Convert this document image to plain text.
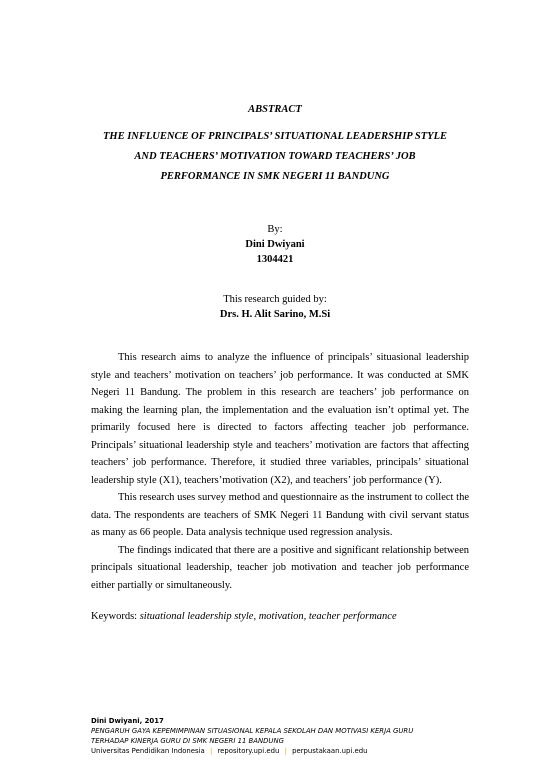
ABSTRACT
THE INFLUENCE OF PRINCIPALS’ SITUATIONAL LEADERSHIP STYLE
AND TEACHERS’ MOTIVATION TOWARD TEACHERS’ JOB
PERFORMANCE IN SMK NEGERI 11 BANDUNG
By:
Dini Dwiyani
1304421
This research guided by:
Drs. H. Alit Sarino, M.Si

This research aims to analyze the influence of principals’ situasional leadership style and teachers’ motivation on teachers’ job performance. It was conducted at SMK Negeri 11 Bandung. The problem in this research are teachers’ job performance on making the learning plan, the implementation and the evaluation isn’t optimal yet. The primarily focused here is directed to factors affecting teacher job performance. Principals’ situational leadership style and teachers’ motivation are factors that affecting teachers’ job performance. Therefore, it studied three variables, principals’ situational leadership style (X1), teachers’motivation (X2), and teachers’ job performance (Y).

This research uses survey method and questionnaire as the instrument to collect the data. The respondents are teachers of SMK Negeri 11 Bandung with civil servant status as many as 66 people. Data analysis technique used regression analysis.

The findings indicated that there are a positive and significant relationship between principals situational leadership, teacher job motivation and teacher job performance either partially or simultaneously.

Keywords: situational leadership style, motivation, teacher performance
Dini Dwiyani, 2017
PENGARUH GAYA KEPEMIMPINAN SITUASIONAL KEPALA SEKOLAH DAN MOTIVASI KERJA GURU
TERHADAP KINERJA GURU DI SMK NEGERI 11 BANDUNG
Universitas Pendidikan Indonesia | repository.upi.edu | perpustakaan.upi.edu
